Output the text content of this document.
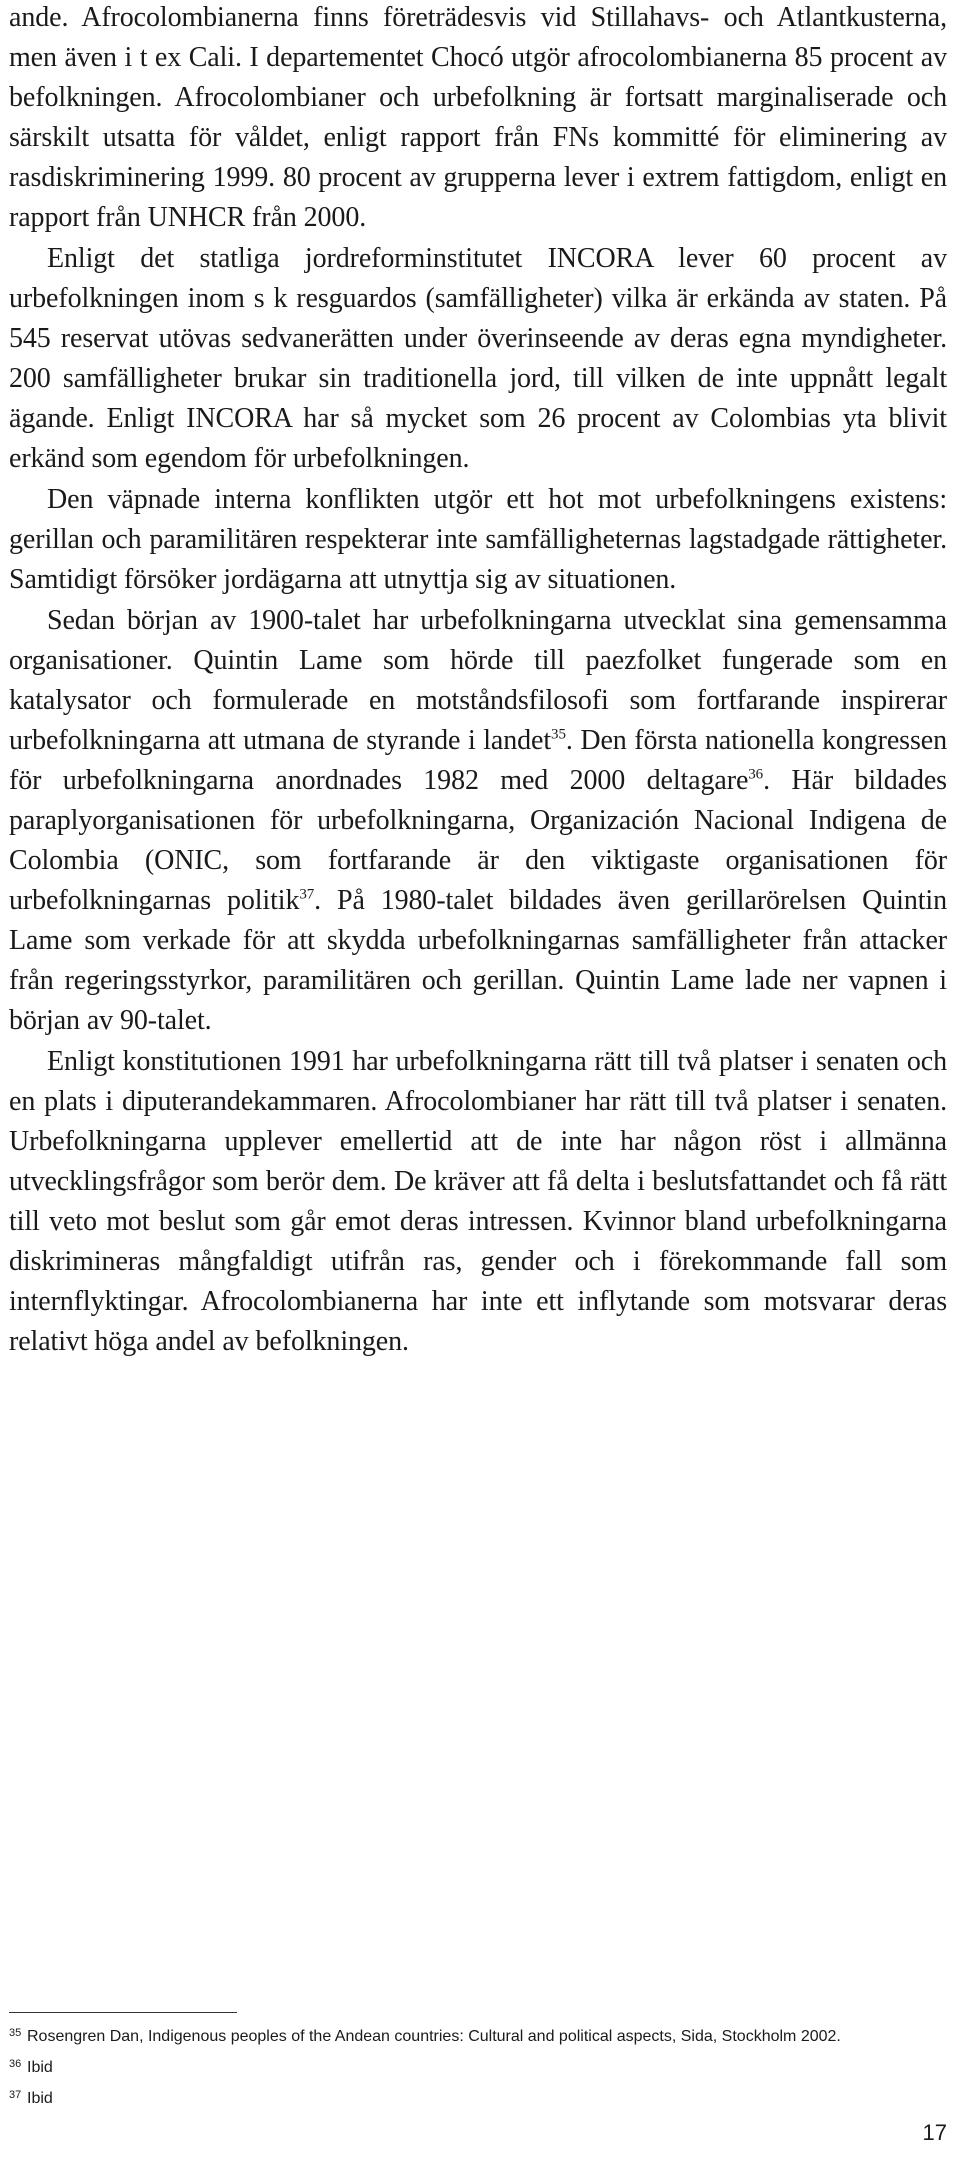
ande. Afrocolombianerna finns företrädesvis vid Stillahavs- och Atlantkusterna, men även i t ex Cali. I departementet Chocó utgör afrocolombianerna 85 procent av befolkningen. Afrocolombianer och urbefolkning är fortsatt marginaliserade och särskilt utsatta för våldet, enligt rapport från FNs kommitté för eliminering av rasdiskriminering 1999. 80 procent av grupperna lever i extrem fattigdom, enligt en rapport från UNHCR från 2000.

Enligt det statliga jordreforminstitutet INCORA lever 60 procent av urbefolkningen inom s k resguardos (samfälligheter) vilka är erkända av staten. På 545 reservat utövas sedvanerätten under överinseende av deras egna myndigheter. 200 samfälligheter brukar sin traditionella jord, till vilken de inte uppnått legalt ägande. Enligt INCORA har så mycket som 26 procent av Colombias yta blivit erkänd som egendom för urbefolkningen.

Den väpnade interna konflikten utgör ett hot mot urbefolkningens existens: gerillan och paramilitären respekterar inte samfälligheternas lagstadgade rättigheter. Samtidigt försöker jordägarna att utnyttja sig av situationen.

Sedan början av 1900-talet har urbefolkningarna utvecklat sina gemensamma organisationer. Quintin Lame som hörde till paezfolket fungerade som en katalysator och formulerade en motståndsfilosofi som fortfarande inspirerar urbefolkningarna att utmana de styrande i landet$^{35}$. Den första nationella kongressen för urbefolkningarna anordnades 1982 med 2000 deltagare$^{36}$. Här bildades paraplyorganisationen för urbefolkningarna, Organización Nacional Indigena de Colombia (ONIC, som fortfarande är den viktigaste organisationen för urbefolkningarnas politik$^{37}$. På 1980-talet bildades även gerillarörelsen Quintin Lame som verkade för att skydda urbefolkningarnas samfälligheter från attacker från regeringsstyrkor, paramilitären och gerillan. Quintin Lame lade ner vapnen i början av 90-talet.

Enligt konstitutionen 1991 har urbefolkningarna rätt till två platser i senaten och en plats i diputerandekammaren. Afrocolombianer har rätt till två platser i senaten. Urbefolkningarna upplever emellertid att de inte har någon röst i allmänna utvecklingsfrågor som berör dem. De kräver att få delta i beslutsfattandet och få rätt till veto mot beslut som går emot deras intressen. Kvinnor bland urbefolkningarna diskrimineras mångfaldigt utifrån ras, gender och i förekommande fall som internflyktingar. Afrocolombianerna har inte ett inflytande som motsvarar deras relativt höga andel av befolkningen.

35 Rosengren Dan, Indigenous peoples of the Andean countries: Cultural and political aspects, Sida, Stockholm 2002.
36 Ibid
37 Ibid
17
